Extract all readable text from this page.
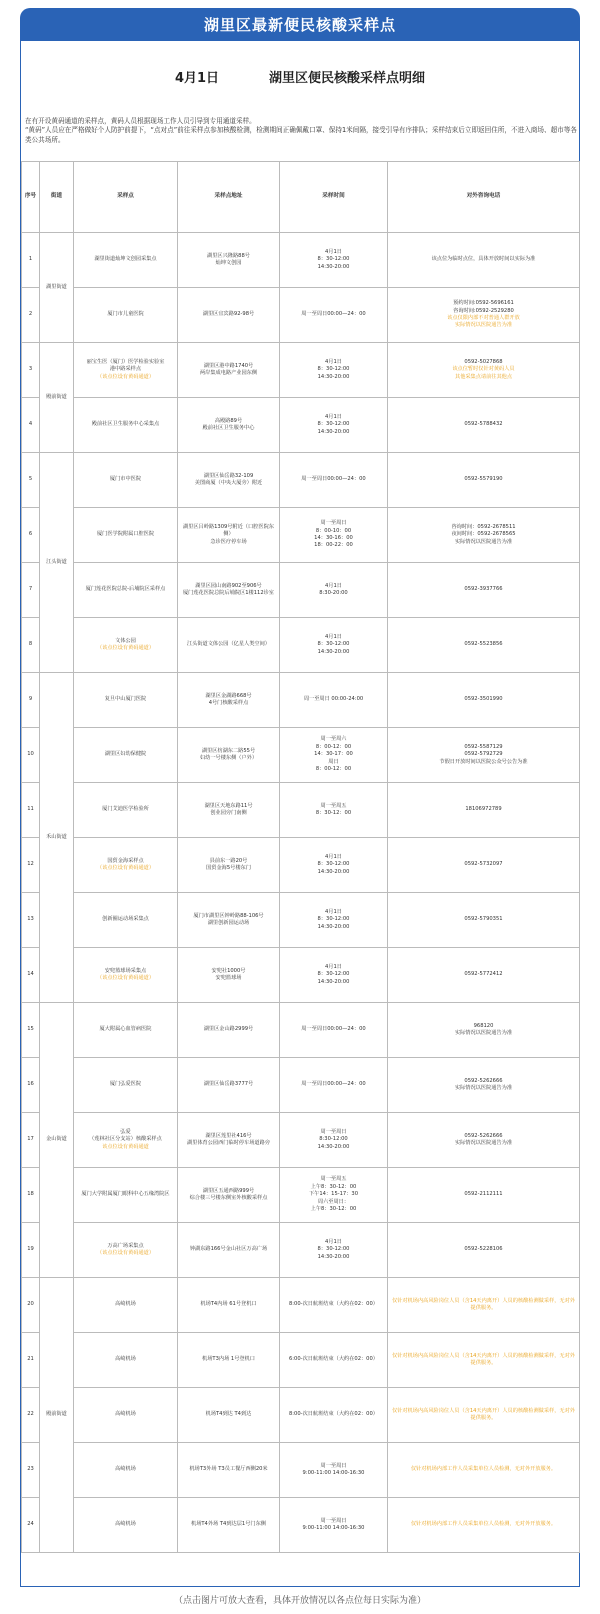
湖里区最新便民核酸采样点
4月1日	湖里区便民核酸采样点明细

在有开设黄码通道的采样点，黄码人员根据现场工作人员引导到专用通道采样。

“黄码”人员应在严格做好个人防护前提下，“点对点”前往采样点参加核酸检测，检测期间正确佩戴口罩、保持1米间隔，接受引导有序排队；采样结束后立即返回住所，不进入商场、超市等各类公共场所。

序号	街道	采样点	采样点地址	采样时间	对外咨询电话
1	湖里街道	湖里街道灿坤文创园采集点	湖里区兴隆路88号
灿坤文创园	4月1日
8：30-12:00
14:30-20:00	该点位为临时点位，具体开放时间以实际为准

2		厦门市儿童医院	湖里区宜宾路92-98号	周一至周日00:00—24：00	预约时间:0592-5696161
咨询时间:0592-2529280
该点仅限内部不对普通人群开放
实际情况以医院通告为准

3	殿前街道	丽宝生医（厦门）医学检验实验室
港中路采样点
（该点位设有黄码通道）	湖里区港中路1740号
两岸集成电路产业园东侧	4月1日
8：30-12:00
14:30-20:00	0592-5027868
该点位暂时仅针对黄码人员
其他采集点请前往其他点

4		殿前社区卫生服务中心采集点	高殿路89号
殿前社区卫生服务中心	4月1日
8：30-12:00
14:30-20:00	0592-5788432

5	江头街道	厦门市中医院	湖里区仙岳路32-109
美图商厦（中央大厦旁）附近	周一至周日00:00—24：00	0592-5579190

6		厦门医学院附属口腔医院	湖里区吕岭路1309号附近（口腔医院东侧）
急诊医疗停车场	周一至周日
8：00-10：00
14：30-16：00
18：00-22：00	咨询时间：0592-2678511
夜间时间：0592-2678565
实际情况以医院通告为准

7		厦门莲花医院总院-后埔院区采样点	湖里区园山南路902至906号
厦门莲花医院总院后埔院区1楼112诊室	4月1日
8:30-20:00	0592-3937766

8		文体公园
（该点位设有黄码通道）	江头街道文体公园（亿星人类空间）	4月1日
8：30-12:00
14:30-20:00	0592-5523856

9	禾山街道	复旦中山厦门医院	湖里区金湖路668号
4号门核酸采样点	周一至周日 00:00-24:00	0592-3501990

10		湖里区妇幼保健院	湖里区枋湖东二路55号
妇幼一号楼东侧（户外）	周一至周六
8：00-12：00
14：30-17：00
周日
8：00-12：00	0592-5587129
0592-5792729
节假日开放时间以医院公众号公告为准

11		厦门艾迪医学检验所	湖里区天地东路11号
创业园旁门南侧	周一至周五
8：30-12：00	18106972789

12		国贸金海采样点
（该点位设有黄码通道）	县前东一路20号
国贸金海5号楼东门	4月1日
8：30-12:00
14:30-20:00	0592-5732097

13		创新圈运动场采集点	厦门市湖里区钟岭路88-106号
湖里创新园运动场	4月1日
8：30-12:00
14:30-20:00	0592-5790351

14		安兜篮球场采集点
（该点位设有黄码通道）	安兜社1000号
安兜篮球场	4月1日
8：30-12:00
14:30-20:00	0592-5772412

15	金山街道	厦大附属心血管病医院	湖里区金山路2999号	周一至周日00:00—24：00	968120
实际情况以医院通告为准

16		厦门弘爱医院	湖里区仙岳路3777号	周一至周日00:00—24：00	0592-5262666
实际情况以医院通告为准

17		弘爱
（莲林社区分支站）核酸采样点
该点位设有黄码通道	湖里区莲里社416号
湖里体育公园西门临时停车场道路旁	周一至周日
8:30-12:00
14:30-20:00	0592-5262666
实际情况以医院通告为准

18		厦门大学附属厦门眼科中心五缘湾院区	湖里区五通西路999号
综合楼三号楼东侧室外核酸采样点	周一至周五
上午8：30-12：00
下午14：15-17：30
周六至周日：
上午8：30-12：00	0592-2112111

19		万高广场采集点
（该点位设有黄码通道）	钟湖东路166号金山社区万高广场	4月1日
8：30-12:00
14:30-20:00	0592-5228106

20	殿前街道	高崎机场	机场T4内场 61号登机口	8:00-次日航班结束（大约在02：00）	仅针对机场内高风险岗位人员（含14天内离开）人员的核酸检测做采样，无对外提供服务。
21		高崎机场	机场T3内场 1号登机口	6:00-次日航班结束（大约在02：00）	仅针对机场内高风险岗位人员（含14天内离开）人员的核酸检测做采样，无对外提供服务。
22		高崎机场	机场T4到达 T4到达	8:00-次日航班结束（大约在02：00）	仅针对机场内高风险岗位人员（含14天内离开）人员的核酸检测做采样，无对外提供服务。
23		高崎机场	机场T3外场 T3员工餐厅西侧20米	周一至周日
9:00-11:00 14:00-16:30	仅针对机场内部工作人员采集单位人员检测，无对外开放服务。
24		高崎机场	机场T4外场 T4到达层1号门东侧	周一至周日
9:00-11:00 14:00-16:30	仅针对机场内部工作人员采集单位人员检测，无对外开放服务。
（点击图片可放大查看，具体开放情况以各点位每日实际为准）
